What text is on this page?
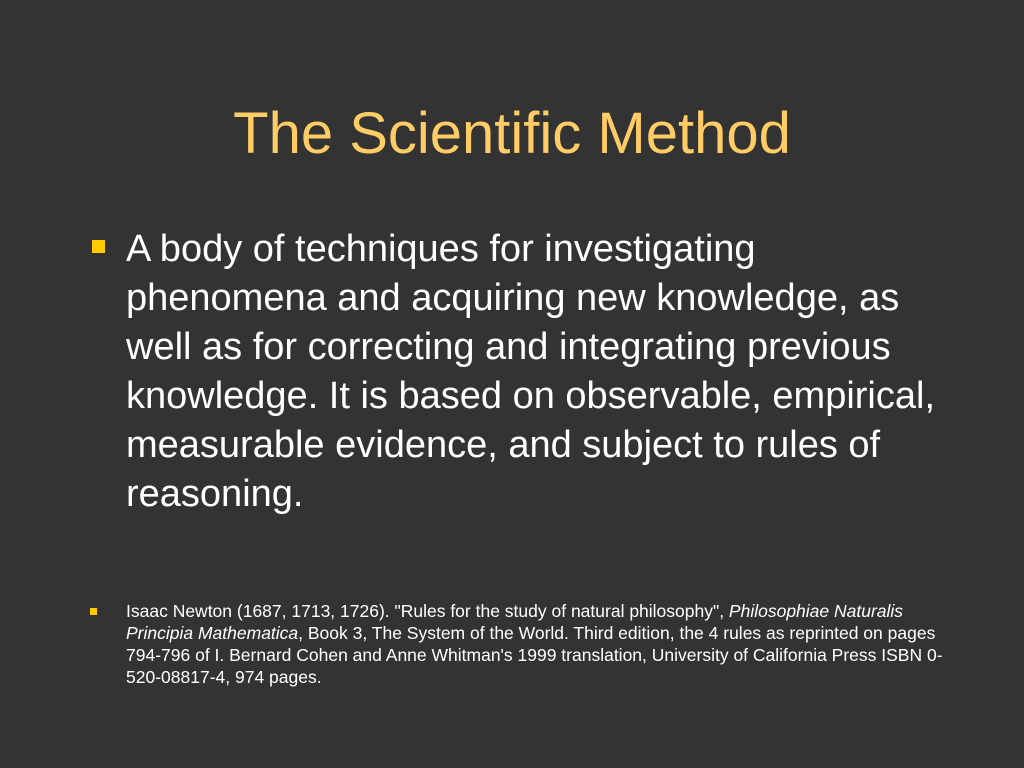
The Scientific Method

A body of techniques for investigating phenomena and acquiring new knowledge, as well as for correcting and integrating previous knowledge. It is based on observable, empirical, measurable evidence, and subject to rules of reasoning.

Isaac Newton (1687, 1713, 1726). "Rules for the study of natural philosophy", Philosophiae Naturalis Principia Mathematica, Book 3, The System of the World. Third edition, the 4 rules as reprinted on pages 794-796 of I. Bernard Cohen and Anne Whitman's 1999 translation, University of California Press ISBN 0-520-08817-4, 974 pages.
